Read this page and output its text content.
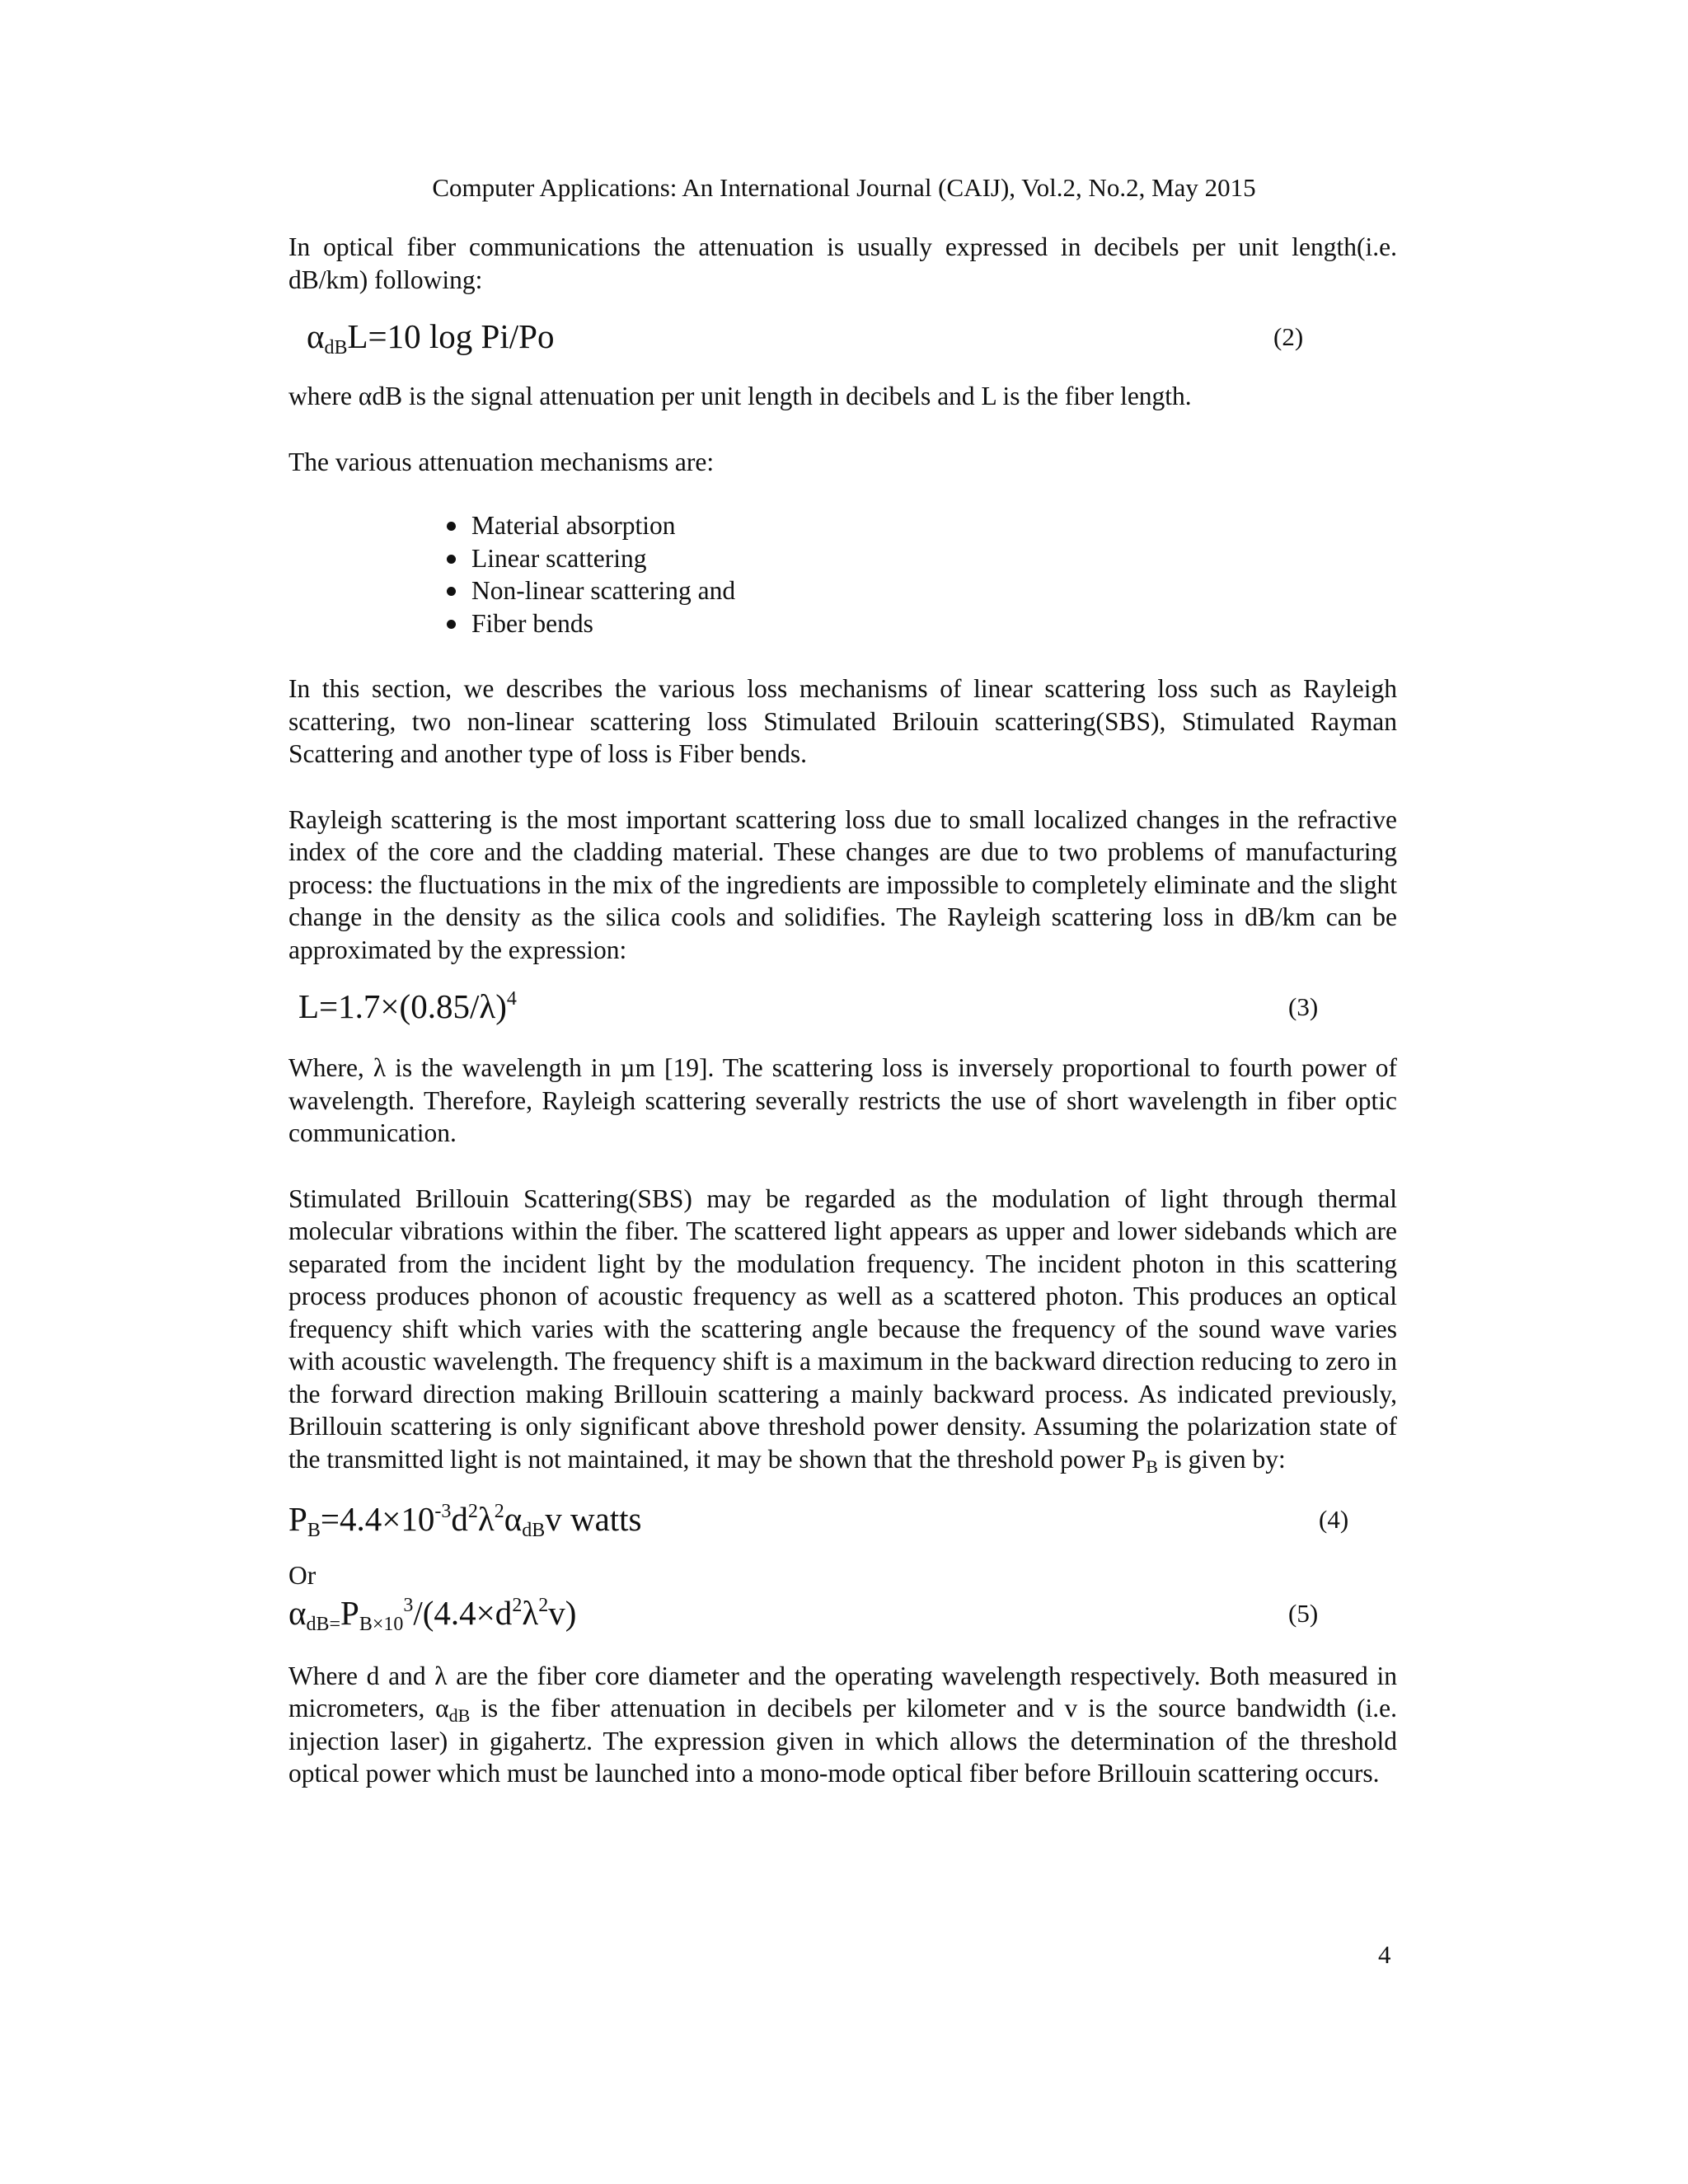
Computer Applications: An International Journal (CAIJ), Vol.2, No.2, May 2015

In optical fiber communications the attenuation is usually expressed in decibels per unit length(i.e. dB/km) following:

$\alpha_{dB}L=10$ log Pi/Po	(2)

where αdB is the signal attenuation per unit length in decibels and L is the fiber length.

The various attenuation mechanisms are:

Material absorption
Linear scattering
Non-linear scattering and
Fiber bends

In this section, we describes the various loss mechanisms of linear scattering loss such as Rayleigh scattering, two non-linear scattering loss Stimulated Brilouin scattering(SBS), Stimulated Rayman Scattering and another type of loss is Fiber bends.

Rayleigh scattering is the most important scattering loss due to small localized changes in the refractive index of the core and the cladding material. These changes are due to two problems of manufacturing process: the fluctuations in the mix of the ingredients are impossible to completely eliminate and the slight change in the density as the silica cools and solidifies. The Rayleigh scattering loss in dB/km can be approximated by the expression:

$L=1.7\times(0.85/\lambda)^4$	(3)

Where, λ is the wavelength in µm [19]. The scattering loss is inversely proportional to fourth power of wavelength. Therefore, Rayleigh scattering severally restricts the use of short wavelength in fiber optic communication.

Stimulated Brillouin Scattering(SBS) may be regarded as the modulation of light through thermal molecular vibrations within the fiber. The scattered light appears as upper and lower sidebands which are separated from the incident light by the modulation frequency. The incident photon in this scattering process produces phonon of acoustic frequency as well as a scattered photon. This produces an optical frequency shift which varies with the scattering angle because the frequency of the sound wave varies with acoustic wavelength. The frequency shift is a maximum in the backward direction reducing to zero in the forward direction making Brillouin scattering a mainly backward process. As indicated previously, Brillouin scattering is only significant above threshold power density. Assuming the polarization state of the transmitted light is not maintained, it may be shown that the threshold power $P_B$ is given by:

$P_B=4.4\times 10^{-3}d^2\lambda^2\alpha_{dB}v$ watts	(4)

Or

$\alpha_{dB=}P_{B\times 10}^3/(4.4\times d^2\lambda^2v)$	(5)

Where d and λ are the fiber core diameter and the operating wavelength respectively. Both measured in micrometers, $\alpha_{dB}$ is the fiber attenuation in decibels per kilometer and v is the source bandwidth (i.e. injection laser) in gigahertz. The expression given in which allows the determination of the threshold optical power which must be launched into a mono-mode optical fiber before Brillouin scattering occurs.

4
